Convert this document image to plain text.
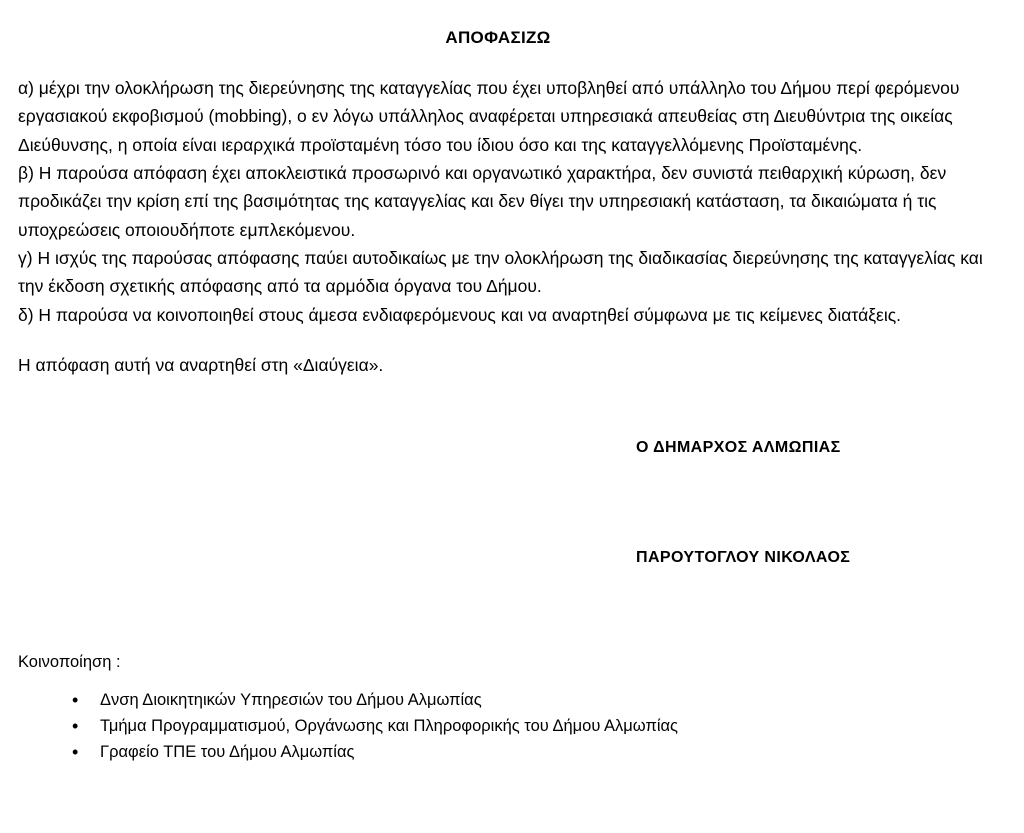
ΑΠΟΦΑΣΙΖΩ

α) μέχρι την ολοκλήρωση της διερεύνησης της καταγγελίας που έχει υποβληθεί από υπάλληλο του Δήμου περί φερόμενου εργασιακού εκφοβισμού (mobbing), ο εν λόγω υπάλληλος αναφέρεται υπηρεσιακά απευθείας στη Διευθύντρια της οικείας Διεύθυνσης, η οποία είναι ιεραρχικά προϊσταμένη τόσο του ίδιου όσο και της καταγγελλόμενης Προϊσταμένης.

β) Η παρούσα απόφαση έχει αποκλειστικά προσωρινό και οργανωτικό χαρακτήρα, δεν συνιστά πειθαρχική κύρωση, δεν προδικάζει την κρίση επί της βασιμότητας της καταγγελίας και δεν θίγει την υπηρεσιακή κατάσταση, τα δικαιώματα ή τις υποχρεώσεις οποιουδήποτε εμπλεκόμενου.

γ) Η ισχύς της παρούσας απόφασης παύει αυτοδικαίως με την ολοκλήρωση της διαδικασίας διερεύνησης της καταγγελίας και την έκδοση σχετικής απόφασης από τα αρμόδια όργανα του Δήμου.

δ) Η παρούσα να κοινοποιηθεί στους άμεσα ενδιαφερόμενους και να αναρτηθεί σύμφωνα με τις κείμενες διατάξεις.

Η απόφαση αυτή να αναρτηθεί στη «Διαύγεια».

Ο ΔΗΜΑΡΧΟΣ ΑΛΜΩΠΙΑΣ
ΠΑΡΟΥΤΟΓΛΟΥ ΝΙΚΟΛΑΟΣ
Κοινοποίηση :
• Δνση Διοικητηικών Υπηρεσιών του Δήμου Αλμωπίας
• Τμήμα Προγραμματισμού, Οργάνωσης και Πληροφορικής του Δήμου Αλμωπίας
• Γραφείο ΤΠΕ του Δήμου Αλμωπίας
